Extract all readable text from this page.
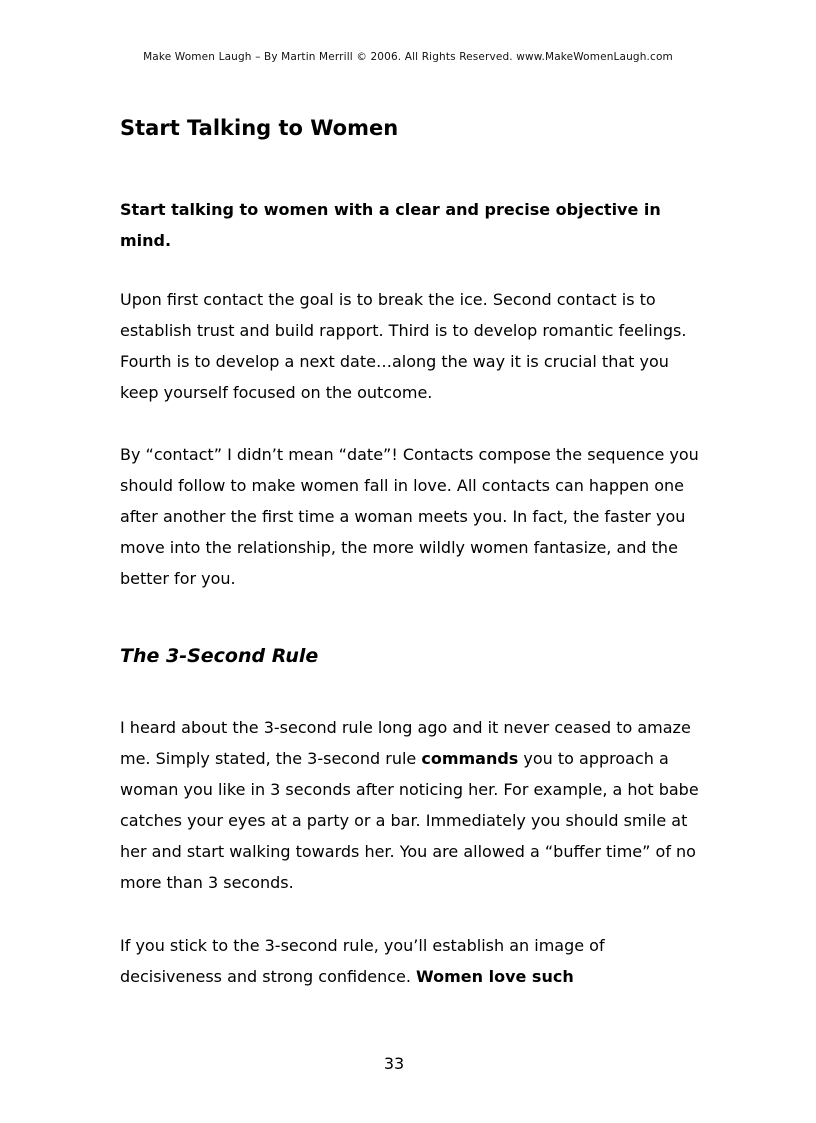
Make Women Laugh – By Martin Merrill © 2006. All Rights Reserved. www.MakeWomenLaugh.com
Start Talking to Women

Start talking to women with a clear and precise objective in mind.

Upon first contact the goal is to break the ice. Second contact is to establish trust and build rapport. Third is to develop romantic feelings. Fourth is to develop a next date…along the way it is crucial that you keep yourself focused on the outcome.

By “contact” I didn’t mean “date”! Contacts compose the sequence you should follow to make women fall in love. All contacts can happen one after another the first time a woman meets you. In fact, the faster you move into the relationship, the more wildly women fantasize, and the better for you.

The 3-Second Rule

I heard about the 3-second rule long ago and it never ceased to amaze me. Simply stated, the 3-second rule commands you to approach a woman you like in 3 seconds after noticing her. For example, a hot babe catches your eyes at a party or a bar. Immediately you should smile at her and start walking towards her. You are allowed a “buffer time” of no more than 3 seconds.

If you stick to the 3-second rule, you’ll establish an image of decisiveness and strong confidence. Women love such

33
